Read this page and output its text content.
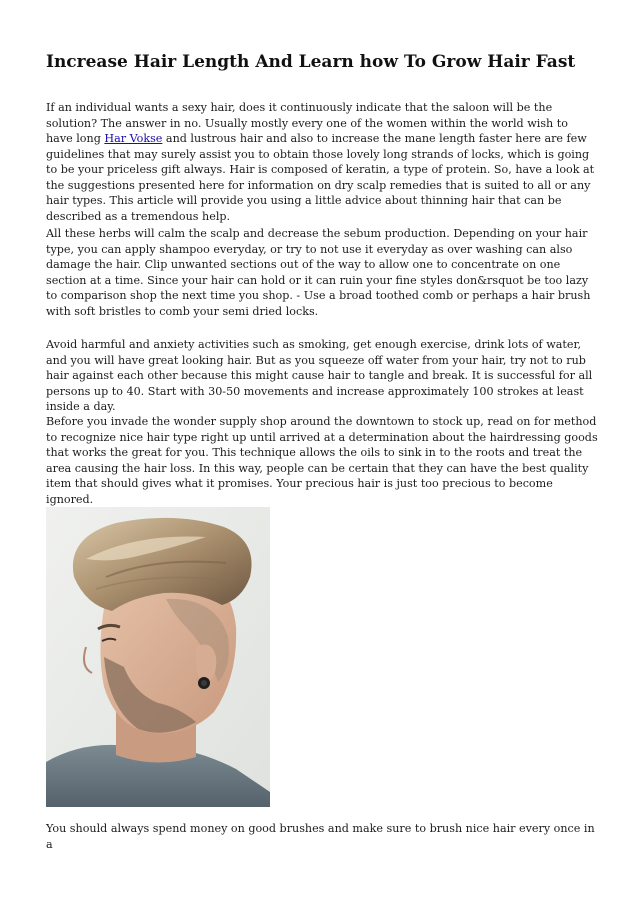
Increase Hair Length And Learn how To Grow Hair Fast

If an individual wants a sexy hair, does it continuously indicate that the saloon will be the solution? The answer in no. Usually mostly every one of the women within the world wish to have long Har Vokse and lustrous hair and also to increase the mane length faster here are few guidelines that may surely assist you to obtain those lovely long strands of locks, which is going to be your priceless gift always. Hair is composed of keratin, a type of protein. So, have a look at the suggestions presented here for information on dry scalp remedies that is suited to all or any hair types. This article will provide you using a little advice about thinning hair that can be described as a tremendous help.

All these herbs will calm the scalp and decrease the sebum production. Depending on your hair type, you can apply shampoo everyday, or try to not use it everyday as over washing can also damage the hair. Clip unwanted sections out of the way to allow one to concentrate on one section at a time. Since your hair can hold or it can ruin your fine styles don&rsquot be too lazy to comparison shop the next time you shop. - Use a broad toothed comb or perhaps a hair brush with soft bristles to comb your semi dried locks.

Avoid harmful and anxiety activities such as smoking, get enough exercise, drink lots of water, and you will have great looking hair. But as you squeeze off water from your hair, try not to rub hair against each other because this might cause hair to tangle and break. It is successful for all persons up to 40. Start with 30-50 movements and increase approximately 100 strokes at least inside a day.

Before you invade the wonder supply shop around the downtown to stock up, read on for method to recognize nice hair type right up until arrived at a determination about the hairdressing goods that works the great for you. This technique allows the oils to sink in to the roots and treat the area causing the hair loss. In this way, people can be certain that they can have the best quality item that should gives what it promises. Your precious hair is just too precious to become ignored.

You should always spend money on good brushes and make sure to brush nice hair every once in a
